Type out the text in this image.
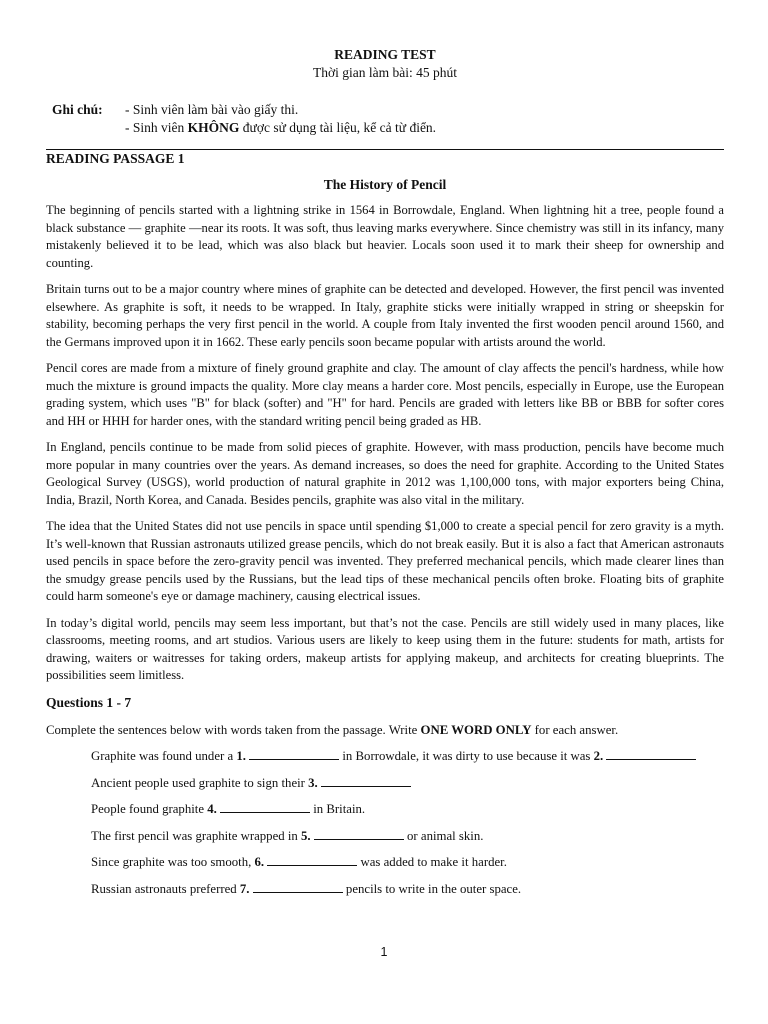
READING TEST
Thời gian làm bài: 45 phút
Ghi chú:	- Sinh viên làm bài vào giấy thi.
- Sinh viên KHÔNG được sử dụng tài liệu, kể cả từ điển.
READING PASSAGE 1
The History of Pencil

The beginning of pencils started with a lightning strike in 1564 in Borrowdale, England. When lightning hit a tree, people found a black substance — graphite —near its roots. It was soft, thus leaving marks everywhere. Since chemistry was still in its infancy, many mistakenly believed it to be lead, which was also black but heavier. Locals soon used it to mark their sheep for ownership and counting.

Britain turns out to be a major country where mines of graphite can be detected and developed. However, the first pencil was invented elsewhere. As graphite is soft, it needs to be wrapped. In Italy, graphite sticks were initially wrapped in string or sheepskin for stability, becoming perhaps the very first pencil in the world. A couple from Italy invented the first wooden pencil around 1560, and the Germans improved upon it in 1662. These early pencils soon became popular with artists around the world.

Pencil cores are made from a mixture of finely ground graphite and clay. The amount of clay affects the pencil's hardness, while how much the mixture is ground impacts the quality. More clay means a harder core. Most pencils, especially in Europe, use the European grading system, which uses "B" for black (softer) and "H" for hard. Pencils are graded with letters like BB or BBB for softer cores and HH or HHH for harder ones, with the standard writing pencil being graded as HB.

In England, pencils continue to be made from solid pieces of graphite. However, with mass production, pencils have become much more popular in many countries over the years. As demand increases, so does the need for graphite. According to the United States Geological Survey (USGS), world production of natural graphite in 2012 was 1,100,000 tons, with major exporters being China, India, Brazil, North Korea, and Canada. Besides pencils, graphite was also vital in the military.

The idea that the United States did not use pencils in space until spending $1,000 to create a special pencil for zero gravity is a myth. It’s well-known that Russian astronauts utilized grease pencils, which do not break easily. But it is also a fact that American astronauts used pencils in space before the zero-gravity pencil was invented. They preferred mechanical pencils, which made clearer lines than the smudgy grease pencils used by the Russians, but the lead tips of these mechanical pencils often broke. Floating bits of graphite could harm someone's eye or damage machinery, causing electrical issues.

In today’s digital world, pencils may seem less important, but that’s not the case. Pencils are still widely used in many places, like classrooms, meeting rooms, and art studios. Various users are likely to keep using them in the future: students for math, artists for drawing, waiters or waitresses for taking orders, makeup artists for applying makeup, and architects for creating blueprints. The possibilities seem limitless.

Questions 1 - 7
Complete the sentences below with words taken from the passage. Write ONE WORD ONLY for each answer.
Graphite was found under a 1.	in Borrowdale, it was dirty to use because it was 2.
Ancient people used graphite to sign their 3.
People found graphite 4.	in Britain.
The first pencil was graphite wrapped in 5.	or animal skin.
Since graphite was too smooth, 6.	was added to make it harder.
Russian astronauts preferred 7.	pencils to write in the outer space.
1
